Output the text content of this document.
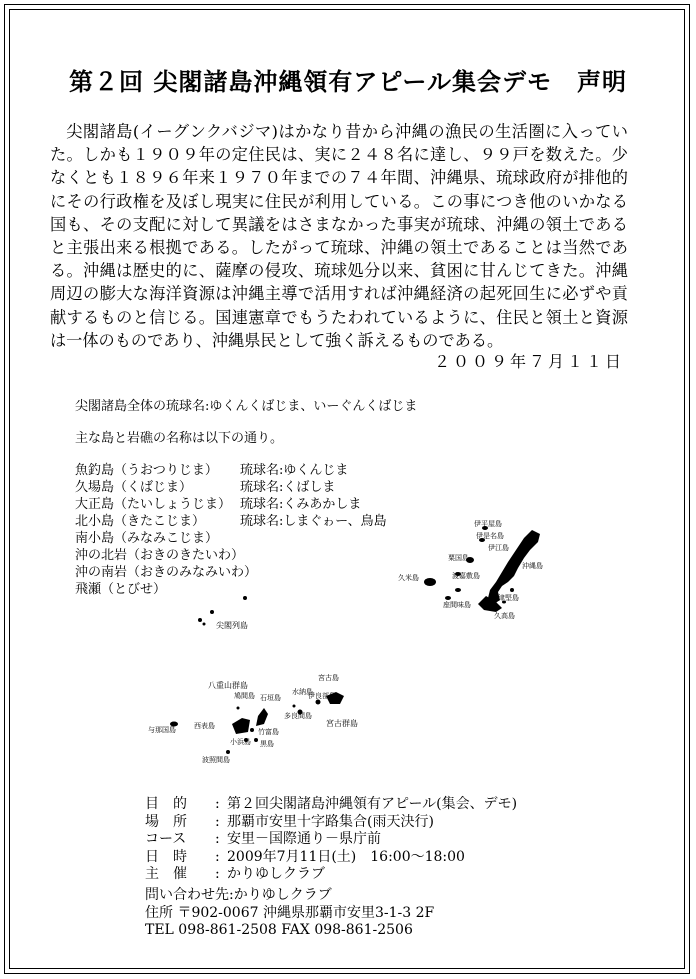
第２回 尖閣諸島沖縄領有アピール集会デモ　声明

尖閣諸島(イーグンクバジマ)はかなり昔から沖縄の漁民の生活圏に入っていた。しかも１９０９年の定住民は、実に２４８名に達し、９９戸を数えた。少なくとも１８９６年来１９７０年までの７４年間、沖縄県、琉球政府が排他的にその行政権を及ぼし現実に住民が利用している。この事につき他のいかなる国も、その支配に対して異議をはさまなかった事実が琉球、沖縄の領土であると主張出来る根拠である。したがって琉球、沖縄の領土であることは当然である。沖縄は歴史的に、薩摩の侵攻、琉球処分以来、貧困に甘んじてきた。沖縄周辺の膨大な海洋資源は沖縄主導で活用すれば沖縄経済の起死回生に必ずや貢献するものと信じる。国連憲章でもうたわれているように、住民と領土と資源は一体のものであり、沖縄県民として強く訴えるものである。

２００９年７月１１日
尖閣諸島全体の琉球名:ゆくんくばじま、いーぐんくばじま
主な島と岩礁の名称は以下の通り。
魚釣島（うおつりじま）	琉球名:ゆくんじま
久場島（くばじま）	琉球名:くばしま
大正島（たいしょうじま） 琉球名:くみあかしま
北小島（きたこじま）	琉球名:しまぐゎー、鳥島
南小島（みなみこじま）
沖の北岩（おきのきたいわ）
沖の南岩（おきのみなみいわ）
飛瀬（とびせ）
伊平屋島
伊是名島
伊江島
粟国島
久米島	渡嘉敷島
座間味島
沖縄島
津堅島
久高島
尖閣列島
宮古島
水納島
多良間島
伊良部島
宮古群島
八重山群島
鳩間島 石垣島
西表島
与那国島	竹富島
小浜島 黒島
波照間島
目　的	: 第２回尖閣諸島沖縄領有アピール(集会、デモ)
場　所	: 那覇市安里十字路集合(雨天決行)
コース	: 安里－国際通り－県庁前
日　時	: 2009年7月11日(土)　16:00〜18:00
主　催	: かりゆしクラブ
問い合わせ先:かりゆしクラブ
住所 〒902-0067 沖縄県那覇市安里3-1-3 2F
TEL 098-861-2508 FAX 098-861-2506
